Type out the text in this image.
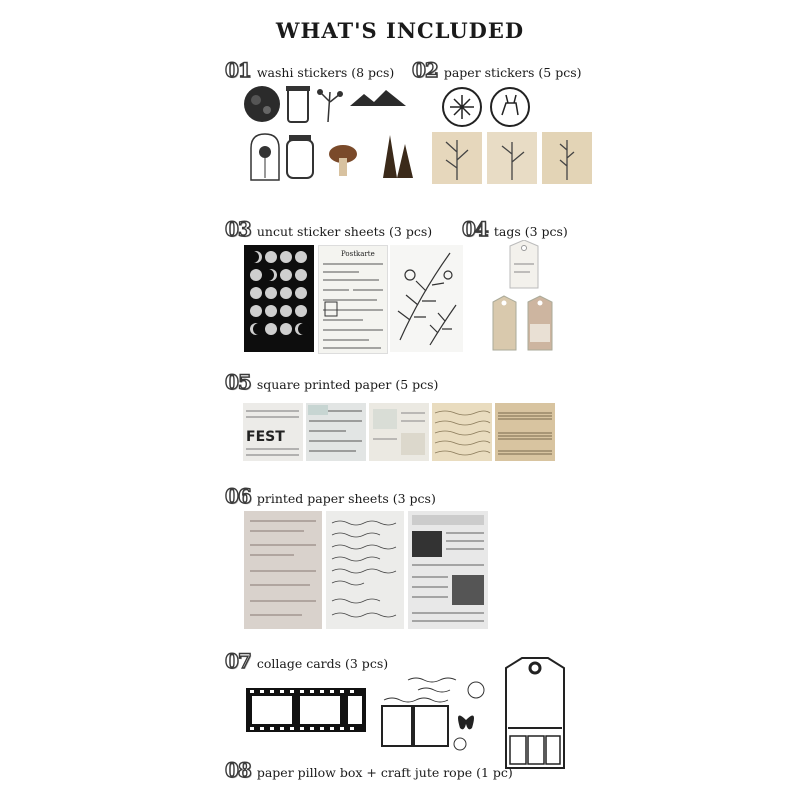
WHAT'S INCLUDED
01 washi stickers (8 pcs) 02 paper stickers (5 pcs)
03 uncut sticker sheets (3 pcs)
Postkarte
04 tags (3 pcs)
05 square printed paper (5 pcs)
FEST
06 printed paper sheets (3 pcs)
07 collage cards (3 pcs)
08 paper pillow box + craft jute rope (1 pc)
